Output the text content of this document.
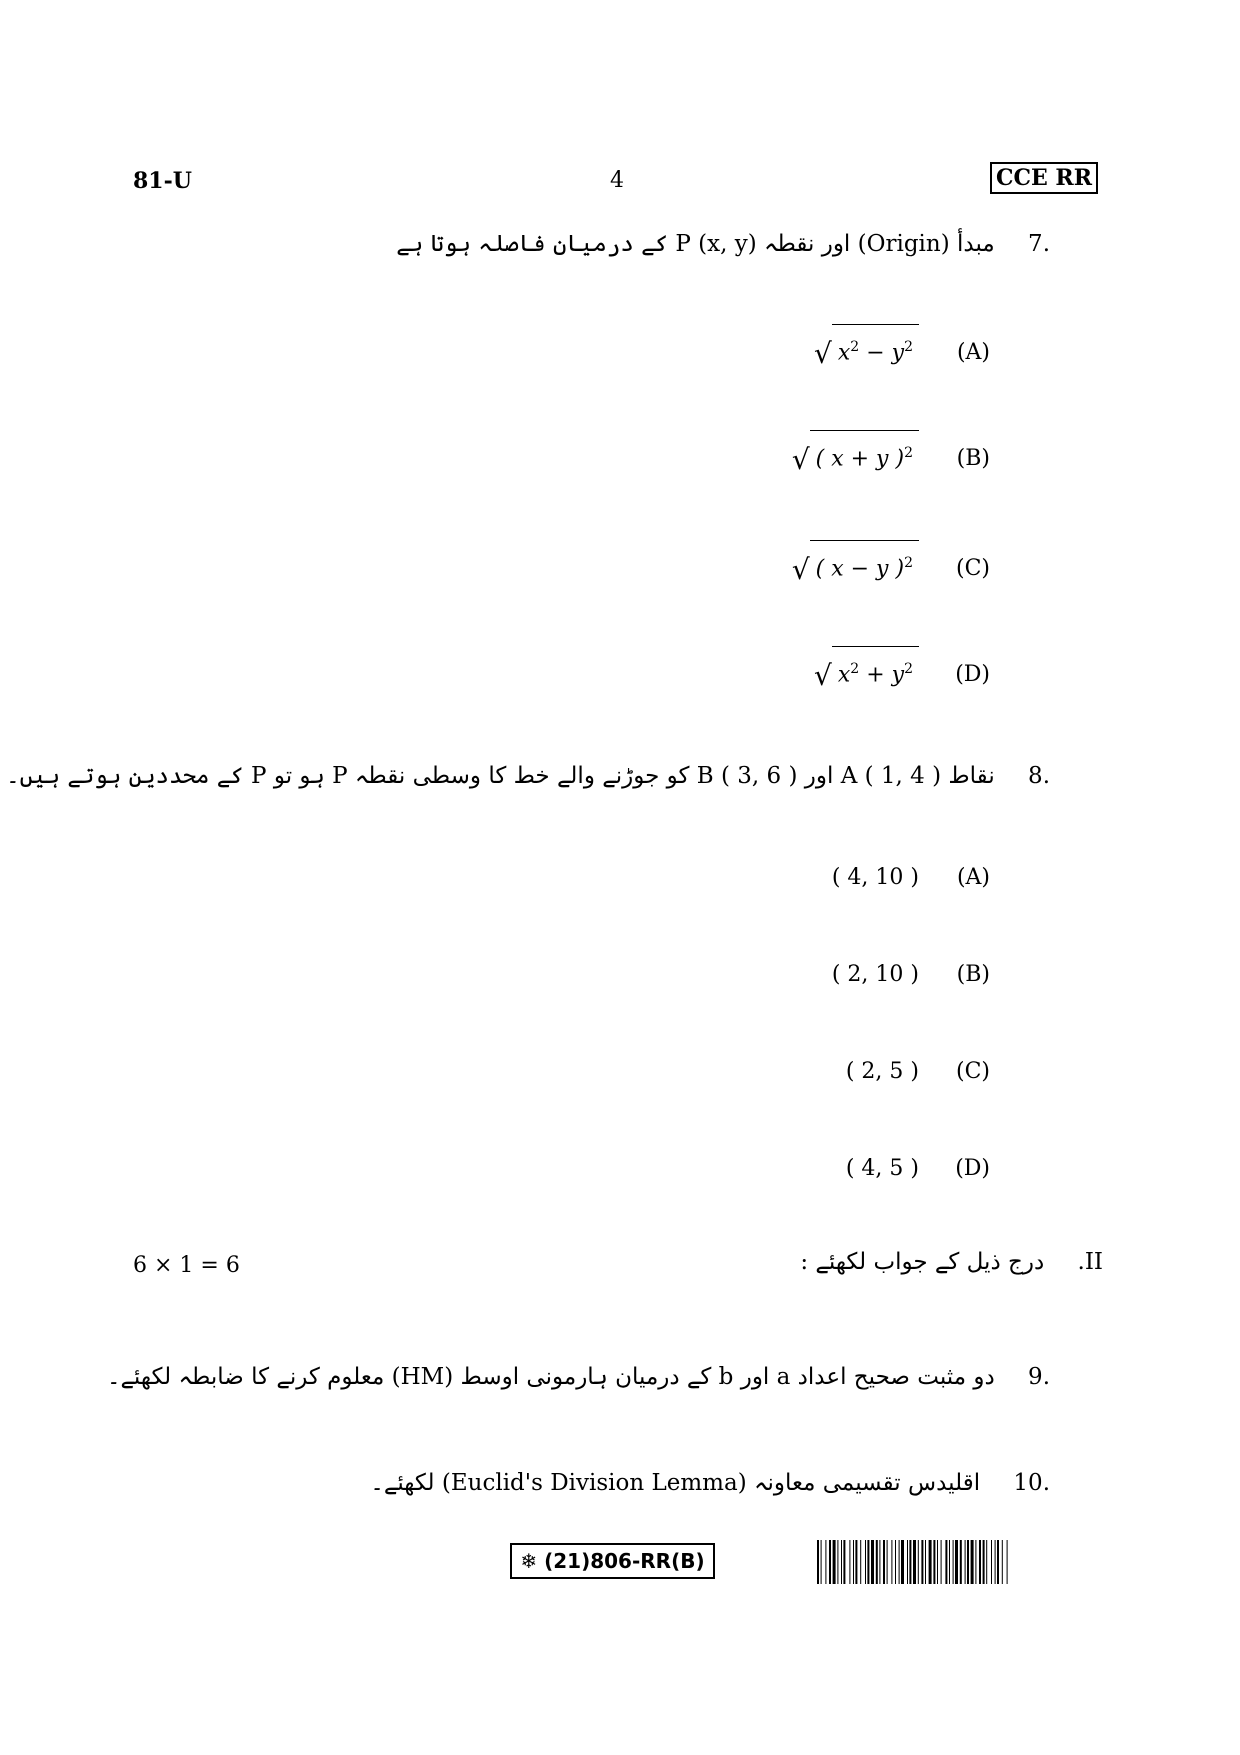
81-U	4	CCE RR
.7 مبدأ (Origin) اور نقطہ P (x, y) کے درمیان فاصلہ ہوتا ہے
√ $x^2 - y^2$ (A)
√ ( x + y )$^2$ (B)
√ ( x − y )$^2$ (C)
√ $x^2 + y^2$ (D)
.8 نقاط A ( 1, 4 ) اور B ( 3, 6 ) کو جوڑنے والے خط کا وسطی نقطہ P ہو تو P کے محددین ہوتے ہیں۔
( 4, 10 ) (A)
( 2, 10 ) (B)
( 2, 5 ) (C)
( 4, 5 ) (D)
6 × 1 = 6	II. درج ذیل کے جواب لکھئے :
.9 دو مثبت صحیح اعداد a اور b کے درمیان ہارمونی اوسط (HM) معلوم کرنے کا ضابطہ لکھئے۔
.10 اقلیدس تقسیمی معاونہ (Euclid's Division Lemma) لکھئے۔
❄ (21)806-RR(B)
